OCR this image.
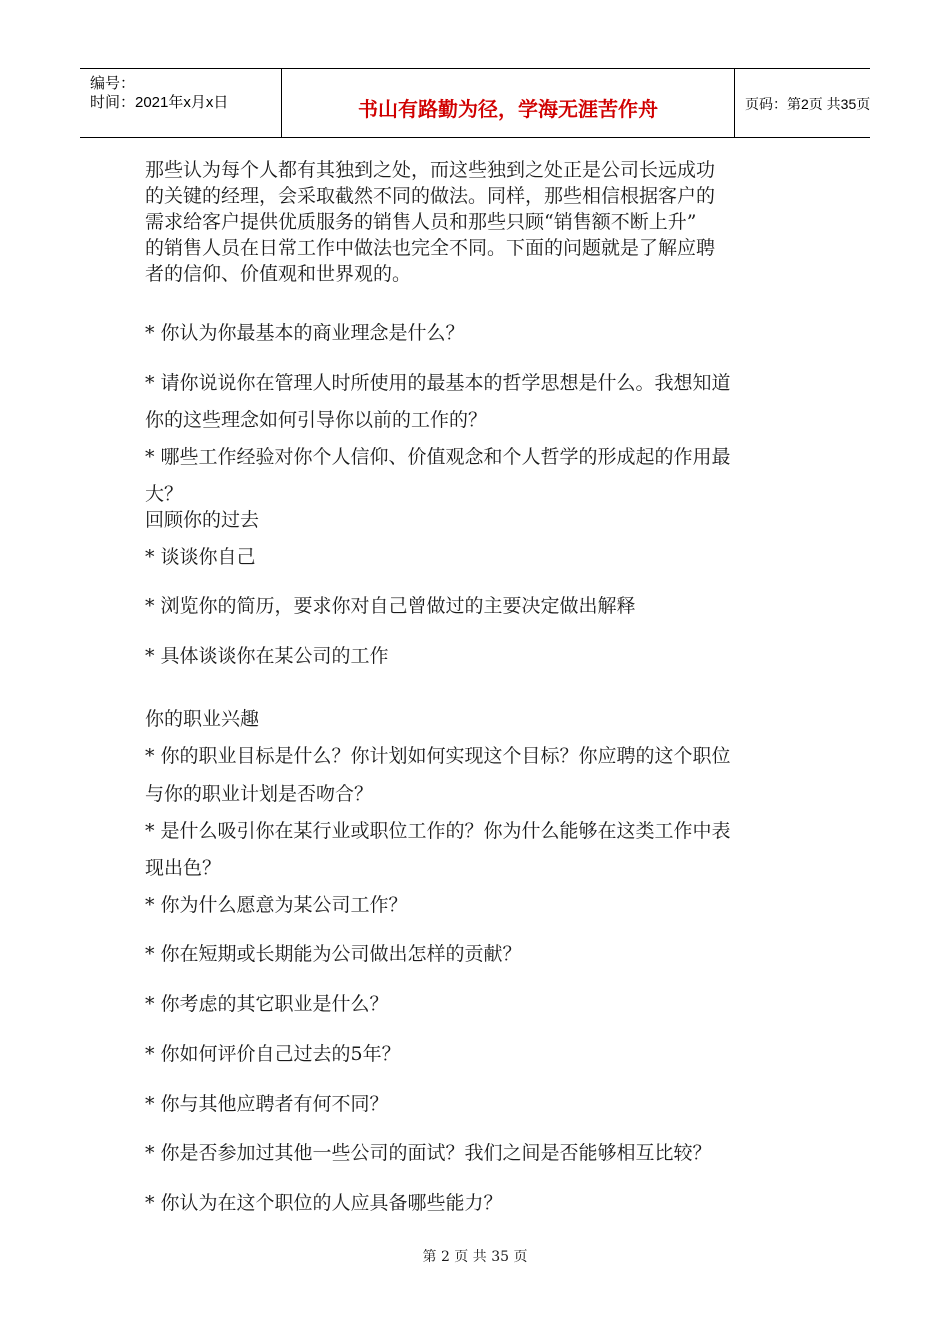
编号：
时间：2021年x月x日	书山有路勤为径，学海无涯苦作舟	页码：第2页 共35页
那些认为每个人都有其独到之处，而这些独到之处正是公司长远成功
的关键的经理，会采取截然不同的做法。同样，那些相信根据客户的
需求给客户提供优质服务的销售人员和那些只顾“销售额不断上升”
的销售人员在日常工作中做法也完全不同。下面的问题就是了解应聘
者的信仰、价值观和世界观的。
* 你认为你最基本的商业理念是什么？
* 请你说说你在管理人时所使用的最基本的哲学思想是什么。我想知道
你的这些理念如何引导你以前的工作的？
* 哪些工作经验对你个人信仰、价值观念和个人哲学的形成起的作用最
大？
回顾你的过去
* 谈谈你自己
* 浏览你的简历，要求你对自己曾做过的主要决定做出解释
* 具体谈谈你在某公司的工作
你的职业兴趣
* 你的职业目标是什么？你计划如何实现这个目标？你应聘的这个职位
与你的职业计划是否吻合？
* 是什么吸引你在某行业或职位工作的？你为什么能够在这类工作中表
现出色？
* 你为什么愿意为某公司工作？
* 你在短期或长期能为公司做出怎样的贡献？
* 你考虑的其它职业是什么？
* 你如何评价自己过去的5年？
* 你与其他应聘者有何不同？
* 你是否参加过其他一些公司的面试？我们之间是否能够相互比较？
* 你认为在这个职位的人应具备哪些能力？
第 2 页 共 35 页
